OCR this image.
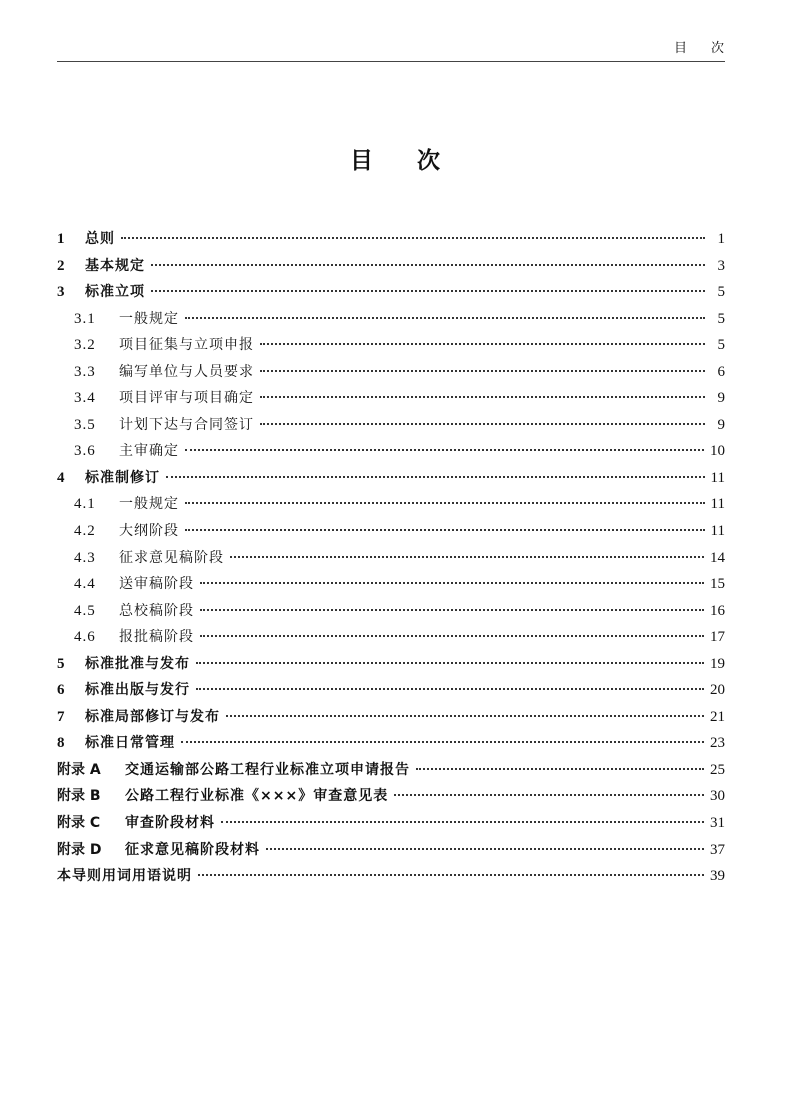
目次
目次
1	总则	1
2	基本规定	3
3	标准立项	5
3.1	一般规定	5
3.2	项目征集与立项申报	5
3.3	编写单位与人员要求	6
3.4	项目评审与项目确定	9
3.5	计划下达与合同签订	9
3.6	主审确定	10
4	标准制修订	11
4.1	一般规定	11
4.2	大纲阶段	11
4.3	征求意见稿阶段	14
4.4	送审稿阶段	15
4.5	总校稿阶段	16
4.6	报批稿阶段	17
5	标准批准与发布	19
6	标准出版与发行	20
7	标准局部修订与发布	21
8	标准日常管理	23
附录 A	交通运输部公路工程行业标准立项申请报告	25
附录 B	公路工程行业标准《×××》审查意见表	30
附录 C	审查阶段材料	31
附录 D	征求意见稿阶段材料	37
本导则用词用语说明	39
